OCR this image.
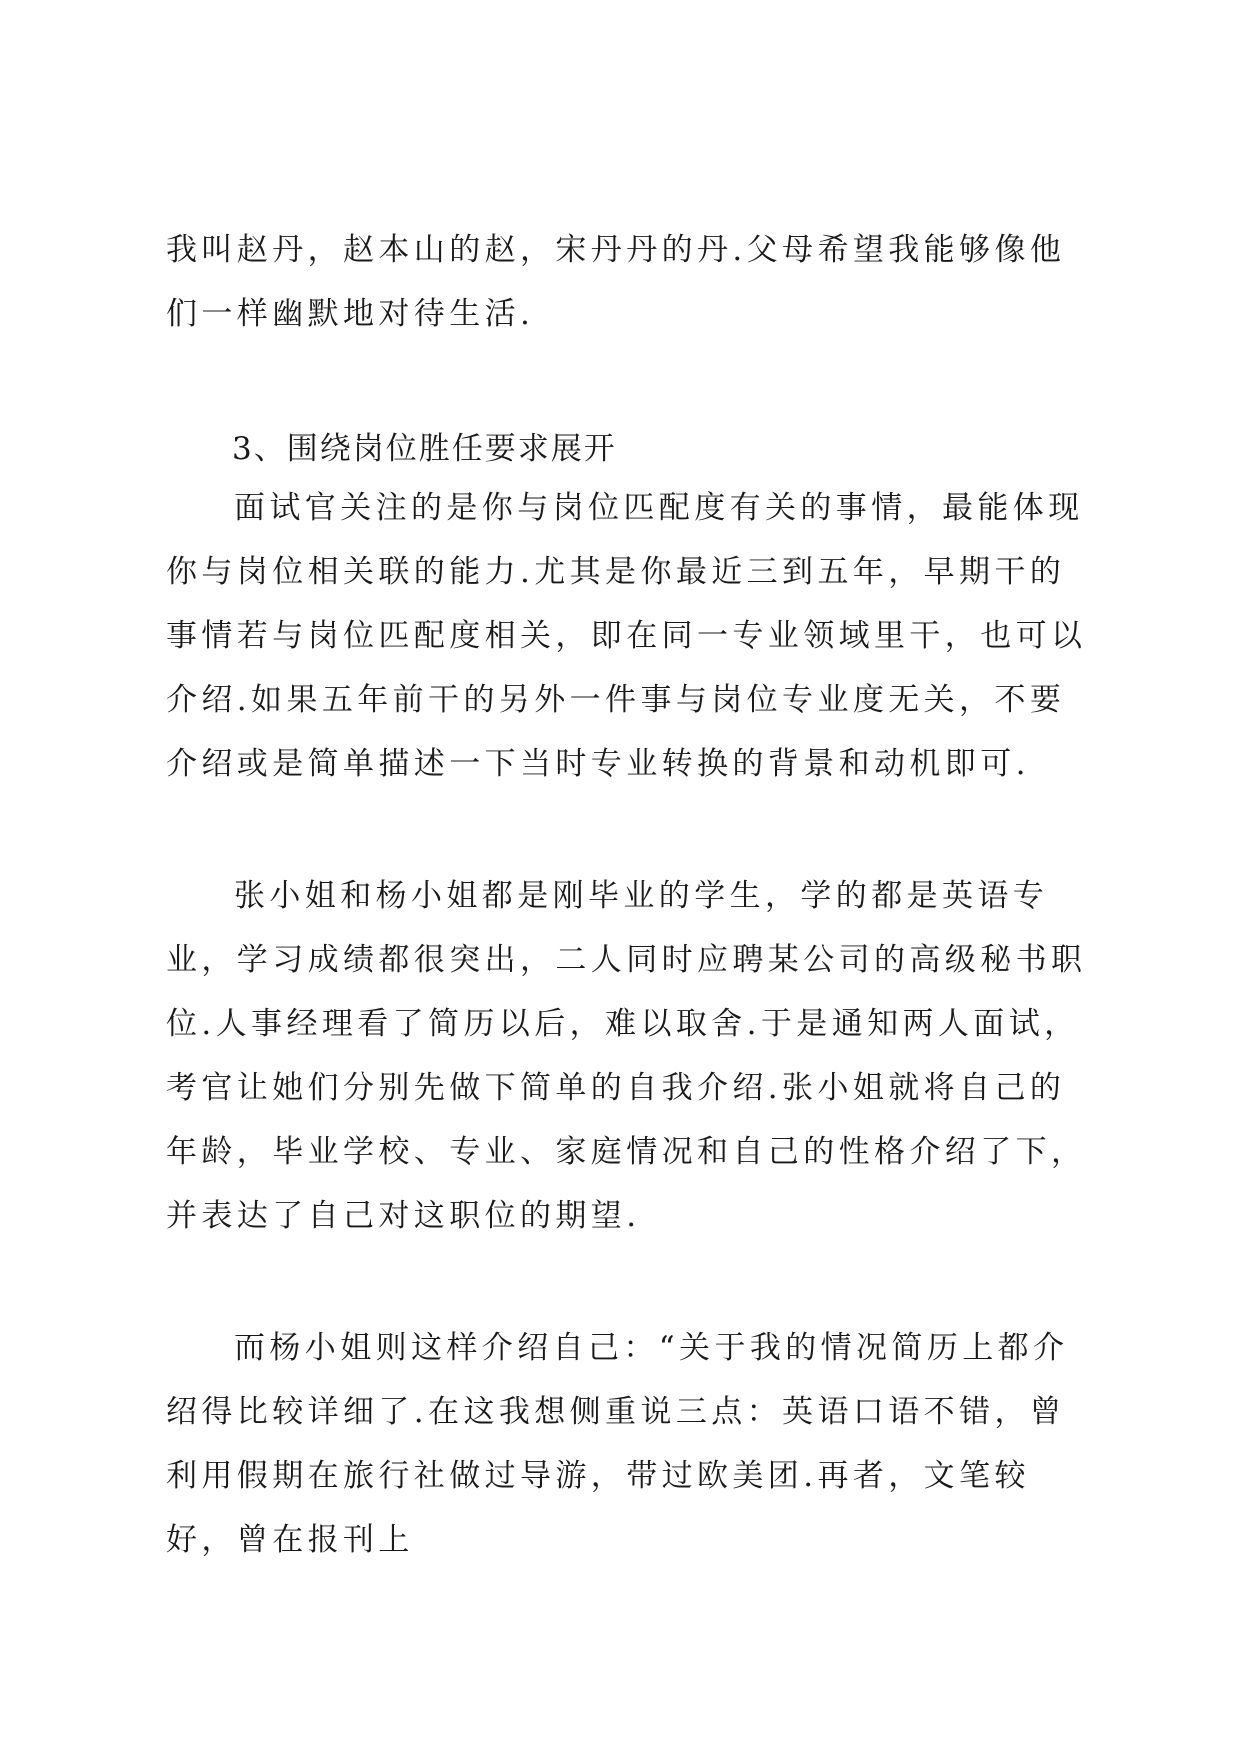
我叫赵丹，赵本山的赵，宋丹丹的丹.父母希望我能够像他们一样幽默地对待生活.

3、围绕岗位胜任要求展开

面试官关注的是你与岗位匹配度有关的事情，最能体现你与岗位相关联的能力.尤其是你最近三到五年，早期干的事情若与岗位匹配度相关，即在同一专业领域里干，也可以介绍.如果五年前干的另外一件事与岗位专业度无关，不要介绍或是简单描述一下当时专业转换的背景和动机即可.

张小姐和杨小姐都是刚毕业的学生，学的都是英语专业，学习成绩都很突出，二人同时应聘某公司的高级秘书职位.人事经理看了简历以后，难以取舍.于是通知两人面试，考官让她们分别先做下简单的自我介绍.张小姐就将自己的年龄，毕业学校、专业、家庭情况和自己的性格介绍了下，并表达了自己对这职位的期望.

而杨小姐则这样介绍自己：“关于我的情况简历上都介绍得比较详细了.在这我想侧重说三点：英语口语不错，曾利用假期在旅行社做过导游，带过欧美团.再者，文笔较好，曾在报刊上
